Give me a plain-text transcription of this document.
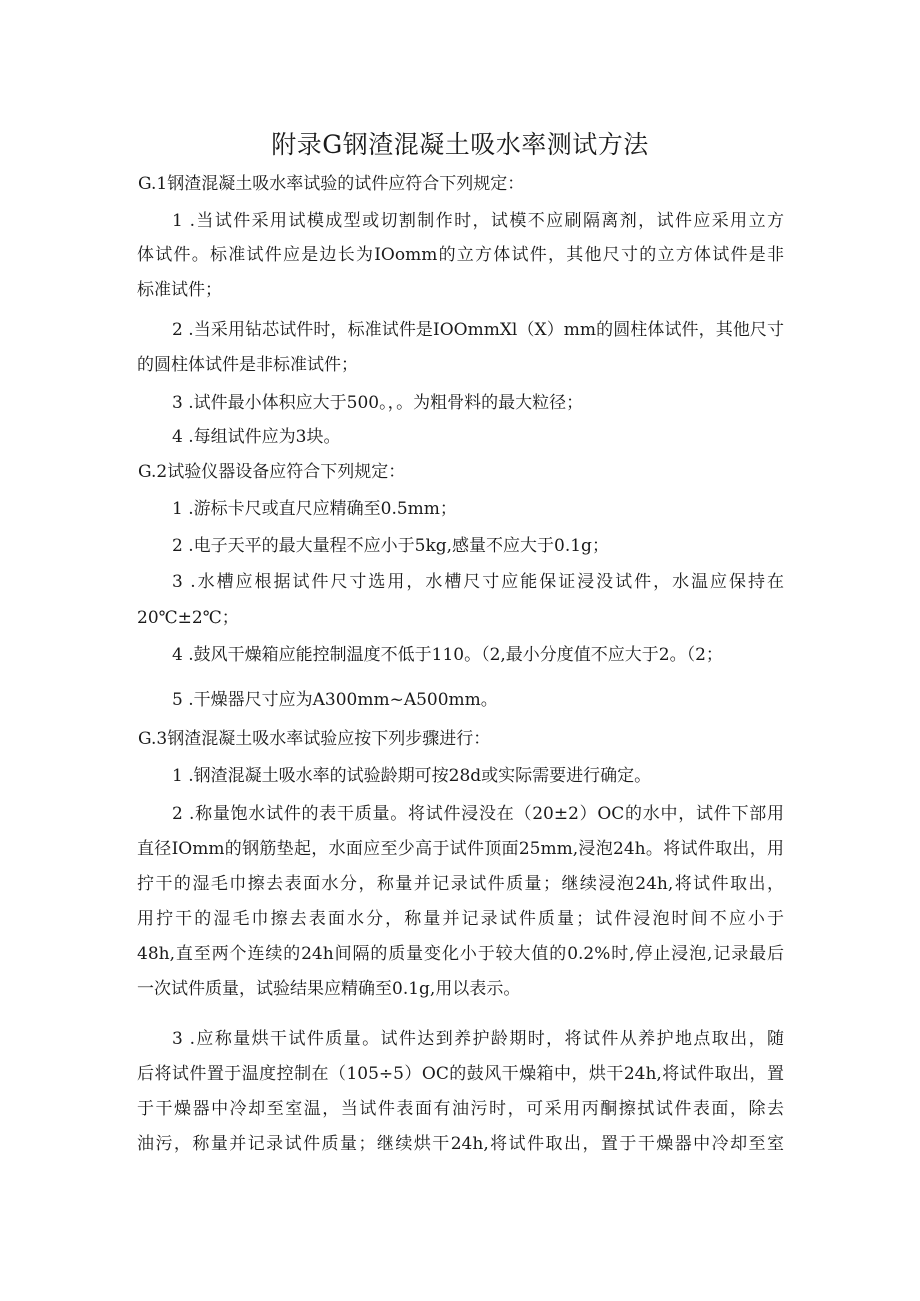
附录G钢渣混凝土吸水率测试方法
G.1钢渣混凝土吸水率试验的试件应符合下列规定：
1 .当试件采用试模成型或切割制作时，试模不应刷隔离剂，试件应采用立方
体试件。标准试件应是边长为IOomm的立方体试件，其他尺寸的立方体试件是非
标准试件；
2 .当采用钻芯试件时，标准试件是IOOmmXl（X）mm的圆柱体试件，其他尺寸
的圆柱体试件是非标准试件；
3 .试件最小体积应大于500。，。为粗骨料的最大粒径；
4 .每组试件应为3块。
G.2试验仪器设备应符合下列规定：
1 .游标卡尺或直尺应精确至0.5mm；
2 .电子天平的最大量程不应小于5kg,感量不应大于0.1g；
3 .水槽应根据试件尺寸选用，水槽尺寸应能保证浸没试件，水温应保持在
20℃±2℃；
4 .鼓风干燥箱应能控制温度不低于110。（2,最小分度值不应大于2。（2；
5 .干燥器尺寸应为A300mm~A500mm。
G.3钢渣混凝土吸水率试验应按下列步骤进行：
1 .钢渣混凝土吸水率的试验龄期可按28d或实际需要进行确定。
2 .称量饱水试件的表干质量。将试件浸没在（20±2）OC的水中，试件下部用
直径IOmm的钢筋垫起，水面应至少高于试件顶面25mm,浸泡24h。将试件取出，用
拧干的湿毛巾擦去表面水分，称量并记录试件质量；继续浸泡24h,将试件取出，
用拧干的湿毛巾擦去表面水分，称量并记录试件质量；试件浸泡时间不应小于
48h,直至两个连续的24h间隔的质量变化小于较大值的0.2%时,停止浸泡,记录最后
一次试件质量，试验结果应精确至0.1g,用以表示。
3 .应称量烘干试件质量。试件达到养护龄期时，将试件从养护地点取出，随
后将试件置于温度控制在（105÷5）OC的鼓风干燥箱中，烘干24h,将试件取出，置
于干燥器中冷却至室温，当试件表面有油污时，可采用丙酮擦拭试件表面，除去
油污，称量并记录试件质量；继续烘干24h,将试件取出，置于干燥器中冷却至室
